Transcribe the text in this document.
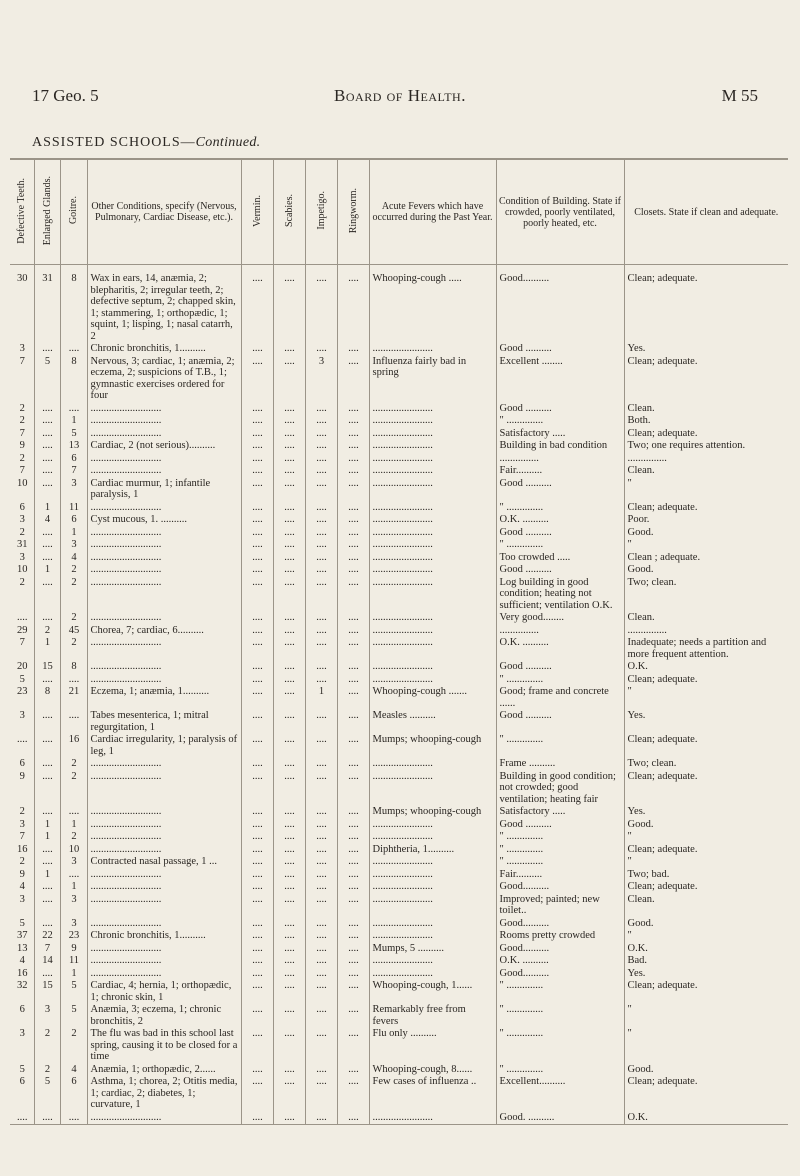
17 Geo. 5	Board of Health.	M 55
ASSISTED SCHOOLS—Continued.
Defective Teeth.	Enlarged Glands.	Goitre.	Other Conditions, specify (Nervous, Pulmonary, Cardiac Disease, etc.).	Vermin.	Scabies.	Impetigo.	Ringworm.	Acute Fevers which have occurred during the Past Year.	Condition of Building. State if crowded, poorly ventilated, poorly heated, etc.	Closets. State if clean and adequate.
30	31	8	Wax in ears, 14, anæmia, 2; blepharitis, 2; irregular teeth, 2; defective septum, 2; chapped skin, 1; stammering, 1; orthopædic, 1; squint, 1; lisping, 1; nasal catarrh, 2	....	....	....	....	Whooping-cough .....	Good..........	Clean; adequate.
3	....	....	Chronic bronchitis, 1..........	....	....	....	....	.......................	Good ..........	Yes.
7	5	8	Nervous, 3; cardiac, 1; anæmia, 2; eczema, 2; suspicions of T.B., 1; gymnastic exercises ordered for four	....	....	3	....	Influenza fairly bad in spring	Excellent ........	Clean; adequate.
2	....	....	...........................	....	....	....	....	.......................	Good ..........	Clean.
2	....	1	...........................	....	....	....	....	.......................	" ..............	Both.
7	....	5	...........................	....	....	....	....	.......................	Satisfactory .....	Clean; adequate.
9	....	13	Cardiac, 2 (not serious)..........	....	....	....	....	.......................	Building in bad condition	Two; one requires attention.
2	....	6	...........................	....	....	....	....	.......................	...............	...............
7	....	7	...........................	....	....	....	....	.......................	Fair..........	Clean.
10	....	3	Cardiac murmur, 1; infantile paralysis, 1	....	....	....	....	.......................	Good ..........	"
6	1	11	...........................	....	....	....	....	.......................	" ..............	Clean; adequate.
3	4	6	Cyst mucous, 1. ..........	....	....	....	....	.......................	O.K. ..........	Poor.
2	....	1	...........................	....	....	....	....	.......................	Good ..........	Good.
31	....	3	...........................	....	....	....	....	.......................	" ..............	"
3	....	4	...........................	....	....	....	....	.......................	Too crowded .....	Clean ; adequate.
10	1	2	...........................	....	....	....	....	.......................	Good ..........	Good.
2	....	2	...........................	....	....	....	....	.......................	Log building in good condition; heating not sufficient; ventilation O.K.	Two; clean.
....	....	2	...........................	....	....	....	....	.......................	Very good........	Clean.
29	2	45	Chorea, 7; cardiac, 6..........	....	....	....	....	.......................	...............	...............
7	1	2	...........................	....	....	....	....	.......................	O.K. ..........	Inadequate; needs a partition and more frequent attention.
20	15	8	...........................	....	....	....	....	.......................	Good ..........	O.K.
5	....	....	...........................	....	....	....	....	.......................	" ..............	Clean; adequate.
23	8	21	Eczema, 1; anæmia, 1..........	....	....	1	....	Whooping-cough .......	Good; frame and concrete ......	"
3	....	....	Tabes mesenterica, 1; mitral regurgitation, 1	....	....	....	....	Measles ..........	Good ..........	Yes.
....	....	16	Cardiac irregularity, 1; paralysis of leg, 1	....	....	....	....	Mumps; whooping-cough	" ..............	Clean; adequate.
6	....	2	...........................	....	....	....	....	.......................	Frame ..........	Two; clean.
9	....	2	...........................	....	....	....	....	.......................	Building in good condition; not crowded; good ventilation; heating fair	Clean; adequate.
2	....	....	...........................	....	....	....	....	Mumps; whooping-cough	Satisfactory .....	Yes.
3	1	1	...........................	....	....	....	....	.......................	Good ..........	Good.
7	1	2	...........................	....	....	....	....	.......................	" ..............	"
16	....	10	...........................	....	....	....	....	Diphtheria, 1..........	" ..............	Clean; adequate.
2	....	3	Contracted nasal passage, 1 ...	....	....	....	....	.......................	" ..............	"
9	1	....	...........................	....	....	....	....	.......................	Fair..........	Two; bad.
4	....	1	...........................	....	....	....	....	.......................	Good..........	Clean; adequate.
3	....	3	...........................	....	....	....	....	.......................	Improved; painted; new toilet..	Clean.
5	....	3	...........................	....	....	....	....	.......................	Good..........	Good.
37	22	23	Chronic bronchitis, 1..........	....	....	....	....	.......................	Rooms pretty crowded	"
13	7	9	...........................	....	....	....	....	Mumps, 5 ..........	Good..........	O.K.
4	14	11	...........................	....	....	....	....	.......................	O.K. ..........	Bad.
16	....	1	...........................	....	....	....	....	.......................	Good..........	Yes.
32	15	5	Cardiac, 4; hernia, 1; orthopædic, 1; chronic skin, 1	....	....	....	....	Whooping-cough, 1......	" ..............	Clean; adequate.
6	3	5	Anæmia, 3; eczema, 1; chronic bronchitis, 2	....	....	....	....	Remarkably free from fevers	" ..............	"
3	2	2	The flu was bad in this school last spring, causing it to be closed for a time	....	....	....	....	Flu only ..........	" ..............	"
5	2	4	Anæmia, 1; orthopædic, 2......	....	....	....	....	Whooping-cough, 8......	" ..............	Good.
6	5	6	Asthma, 1; chorea, 2; Otitis media, 1; cardiac, 2; diabetes, 1; curvature, 1	....	....	....	....	Few cases of influenza ..	Excellent..........	Clean; adequate.
....	....	....	...........................	....	....	....	....	.......................	Good. ..........	O.K.
